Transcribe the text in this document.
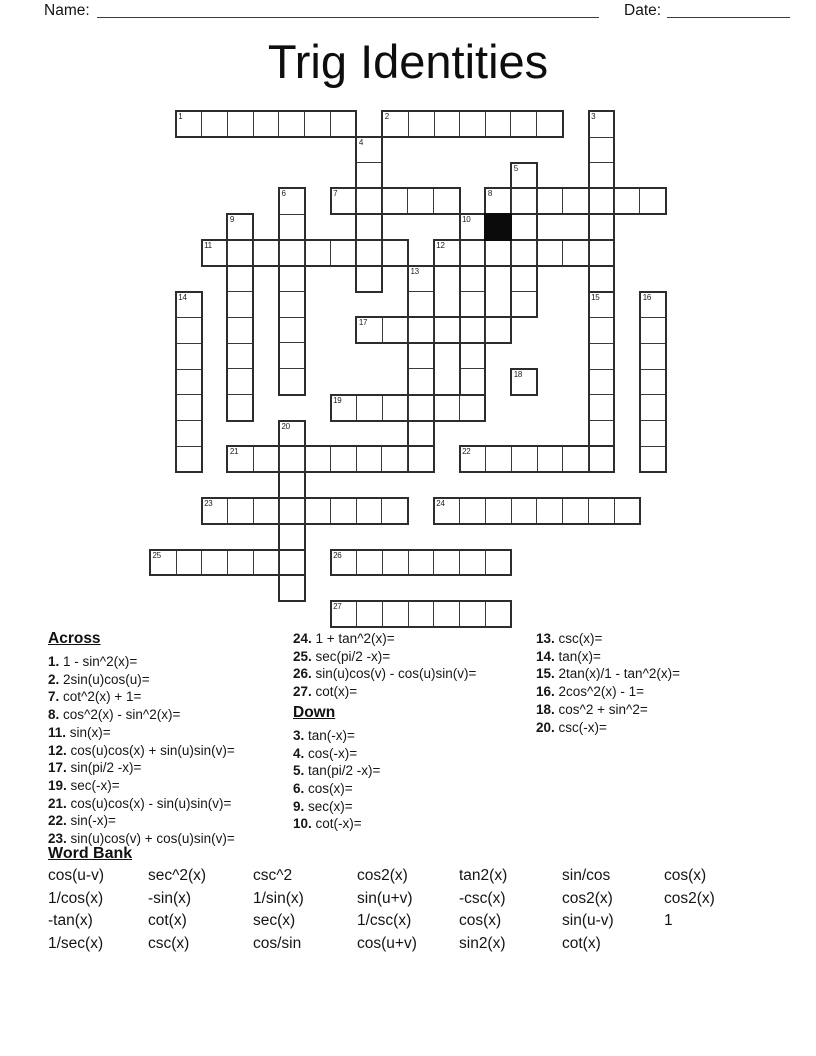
Name:	Date:
Trig Identities
1	2	3
4
5
6	7	8
9	10
11	12
13
14	15	16
17
18
19
20
21	22
23	24
25	26
27
Across
1. 1 - sin^2(x)=
2. 2sin(u)cos(u)=
7. cot^2(x) + 1=
8. cos^2(x) - sin^2(x)=
11. sin(x)=
12. cos(u)cos(x) + sin(u)sin(v)=
17. sin(pi/2 -x)=
19. sec(-x)=
21. cos(u)cos(x) - sin(u)sin(v)=
22. sin(-x)=
23. sin(u)cos(v) + cos(u)sin(v)=
24. 1 + tan^2(x)=
25. sec(pi/2 -x)=
26. sin(u)cos(v) - cos(u)sin(v)=
27. cot(x)=
Down
3. tan(-x)=
4. cos(-x)=
5. tan(pi/2 -x)=
6. cos(x)=
9. sec(x)=
10. cot(-x)=
13. csc(x)=
14. tan(x)=
15. 2tan(x)/1 - tan^2(x)=
16. 2cos^2(x) - 1=
18. cos^2 + sin^2=
20. csc(-x)=
Word Bank
cos(u-v)	sec^2(x)	csc^2	cos2(x)	tan2(x)	sin/cos	cos(x)
1/cos(x)	-sin(x)	1/sin(x)	sin(u+v)	-csc(x)	cos2(x)	cos2(x)
-tan(x)	cot(x)	sec(x)	1/csc(x)	cos(x)	sin(u-v)	1
1/sec(x)	csc(x)	cos/sin	cos(u+v)	sin2(x)	cot(x)
